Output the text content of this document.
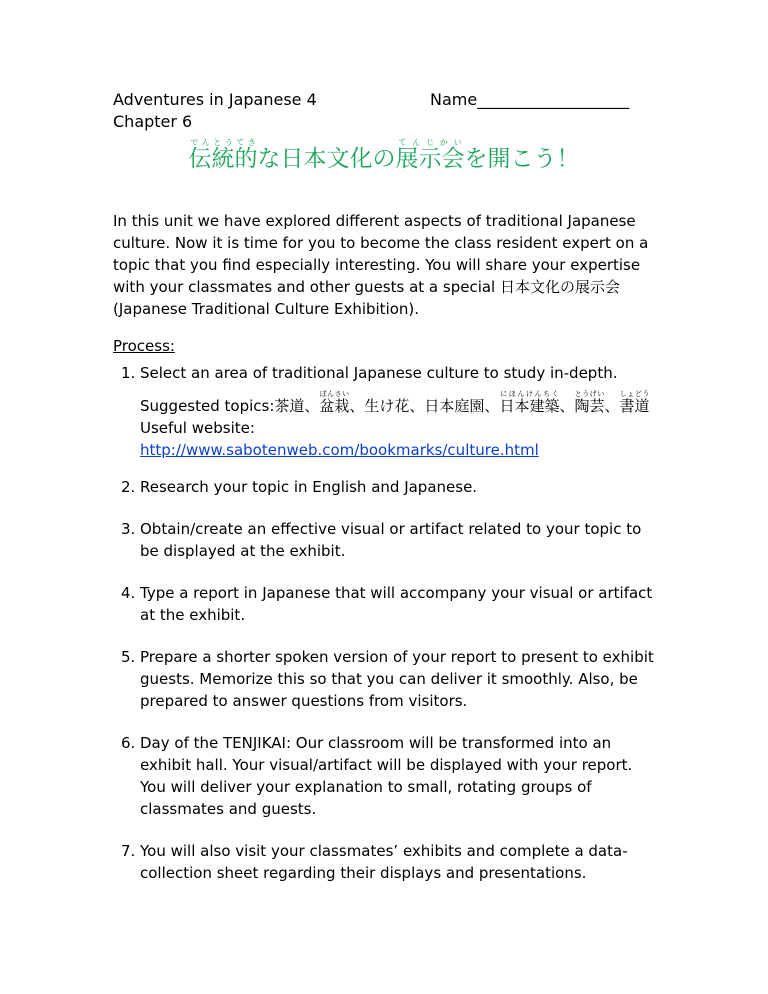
Adventures in Japanese 4
Chapter 6
Name___________________
伝統的でんとうてきな日本文化の展示会てんじかいを開こう！
In this unit we have explored different aspects of traditional Japanese culture. Now it is time for you to become the class resident expert on a topic that you find especially interesting. You will share your expertise with your classmates and other guests at a special 日本文化の展示会 (Japanese Traditional Culture Exhibition).
Process:
1. Select an area of traditional Japanese culture to study in-depth.
Suggested topics:茶道、盆栽ぼんさい、生け花、日本庭園、日本建築にほんけんちく、陶芸とうげい、書道しょどう
Useful website: http://www.sabotenweb.com/bookmarks/culture.html
2. Research your topic in English and Japanese.
3. Obtain/create an effective visual or artifact related to your topic to be displayed at the exhibit.
4. Type a report in Japanese that will accompany your visual or artifact at the exhibit.
5. Prepare a shorter spoken version of your report to present to exhibit guests. Memorize this so that you can deliver it smoothly. Also, be prepared to answer questions from visitors.
6. Day of the TENJIKAI: Our classroom will be transformed into an exhibit hall. Your visual/artifact will be displayed with your report. You will deliver your explanation to small, rotating groups of classmates and guests.
7. You will also visit your classmates’ exhibits and complete a data-collection sheet regarding their displays and presentations.
